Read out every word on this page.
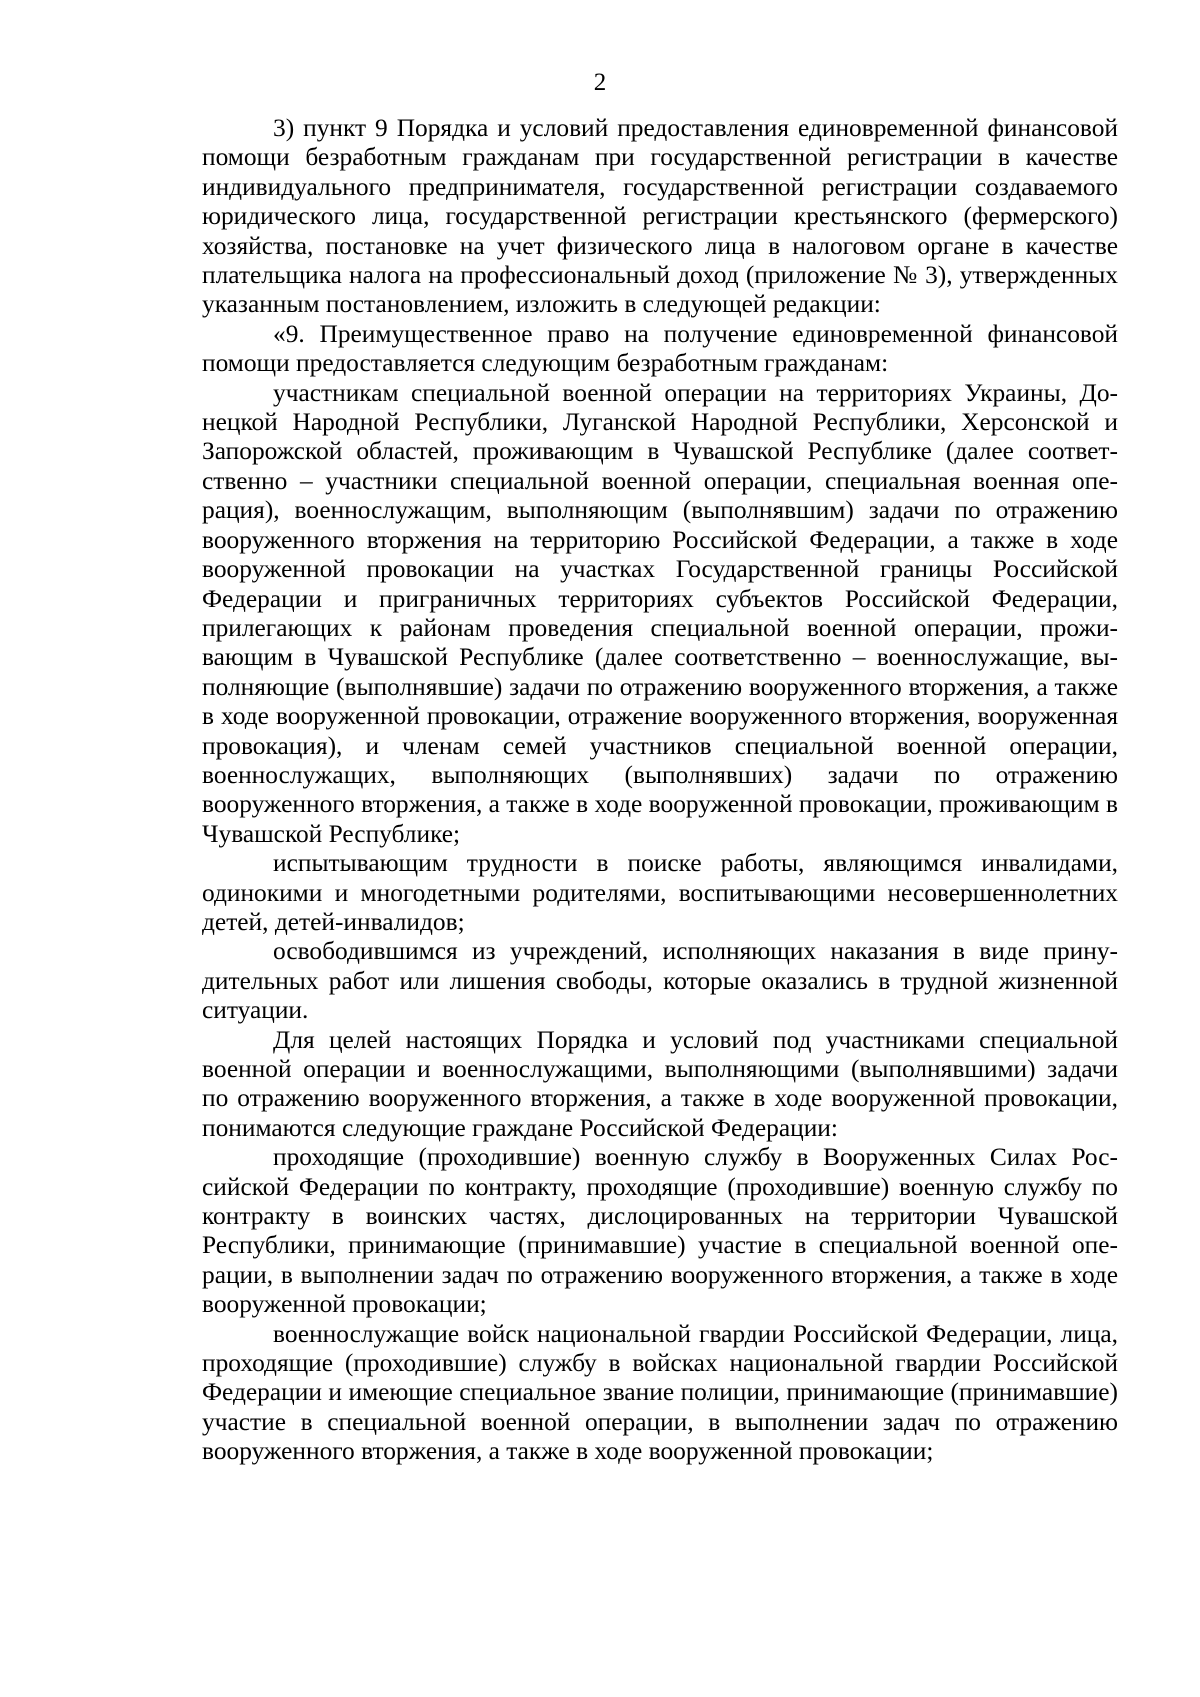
2

3) пункт 9 Порядка и условий предоставления единовременной финансовой помощи безработным гражданам при государственной регистрации в качестве индивидуального предпринимателя, государственной регистрации создаваемого юридического лица, государственной регистрации крестьянского (фермерского) хозяйства, постановке на учет физического лица в налоговом органе в качестве плательщика налога на профессиональный доход (приложение № 3), утвержденных указанным постановлением, изложить в следующей редакции:

«9. Преимущественное право на получение единовременной финансовой помощи предоставляется следующим безработным гражданам:

участникам специальной военной операции на территориях Украины, Донецкой Народной Республики, Луганской Народной Республики, Херсонской и Запорожской областей, проживающим в Чувашской Республике (далее соответственно – участники специальной военной операции, специальная военная операция), военнослужащим, выполняющим (выполнявшим) задачи по отражению вооруженного вторжения на территорию Российской Федерации, а также в ходе вооруженной провокации на участках Государственной границы Российской Федерации и приграничных территориях субъектов Российской Федерации, прилегающих к районам проведения специальной военной операции, проживающим в Чувашской Республике (далее соответственно – военнослужащие, выполняющие (выполнявшие) задачи по отражению вооруженного вторжения, а также в ходе вооруженной провокации, отражение вооруженного вторжения, вооруженная провокация), и членам семей участников специальной военной операции, военнослужащих, выполняющих (выполнявших) задачи по отражению вооруженного вторжения, а также в ходе вооруженной провокации, проживающим в Чувашской Республике;

испытывающим трудности в поиске работы, являющимся инвалидами, одинокими и многодетными родителями, воспитывающими несовершеннолетних детей, детей-инвалидов;

освободившимся из учреждений, исполняющих наказания в виде принудительных работ или лишения свободы, которые оказались в трудной жизненной ситуации.

Для целей настоящих Порядка и условий под участниками специальной военной операции и военнослужащими, выполняющими (выполнявшими) задачи по отражению вооруженного вторжения, а также в ходе вооруженной провокации, понимаются следующие граждане Российской Федерации:

проходящие (проходившие) военную службу в Вооруженных Силах Российской Федерации по контракту, проходящие (проходившие) военную службу по контракту в воинских частях, дислоцированных на территории Чувашской Республики, принимающие (принимавшие) участие в специальной военной операции, в выполнении задач по отражению вооруженного вторжения, а также в ходе вооруженной провокации;

военнослужащие войск национальной гвардии Российской Федерации, лица, проходящие (проходившие) службу в войсках национальной гвардии Российской Федерации и имеющие специальное звание полиции, принимающие (принимавшие) участие в специальной военной операции, в выполнении задач по отражению вооруженного вторжения, а также в ходе вооруженной провокации;
